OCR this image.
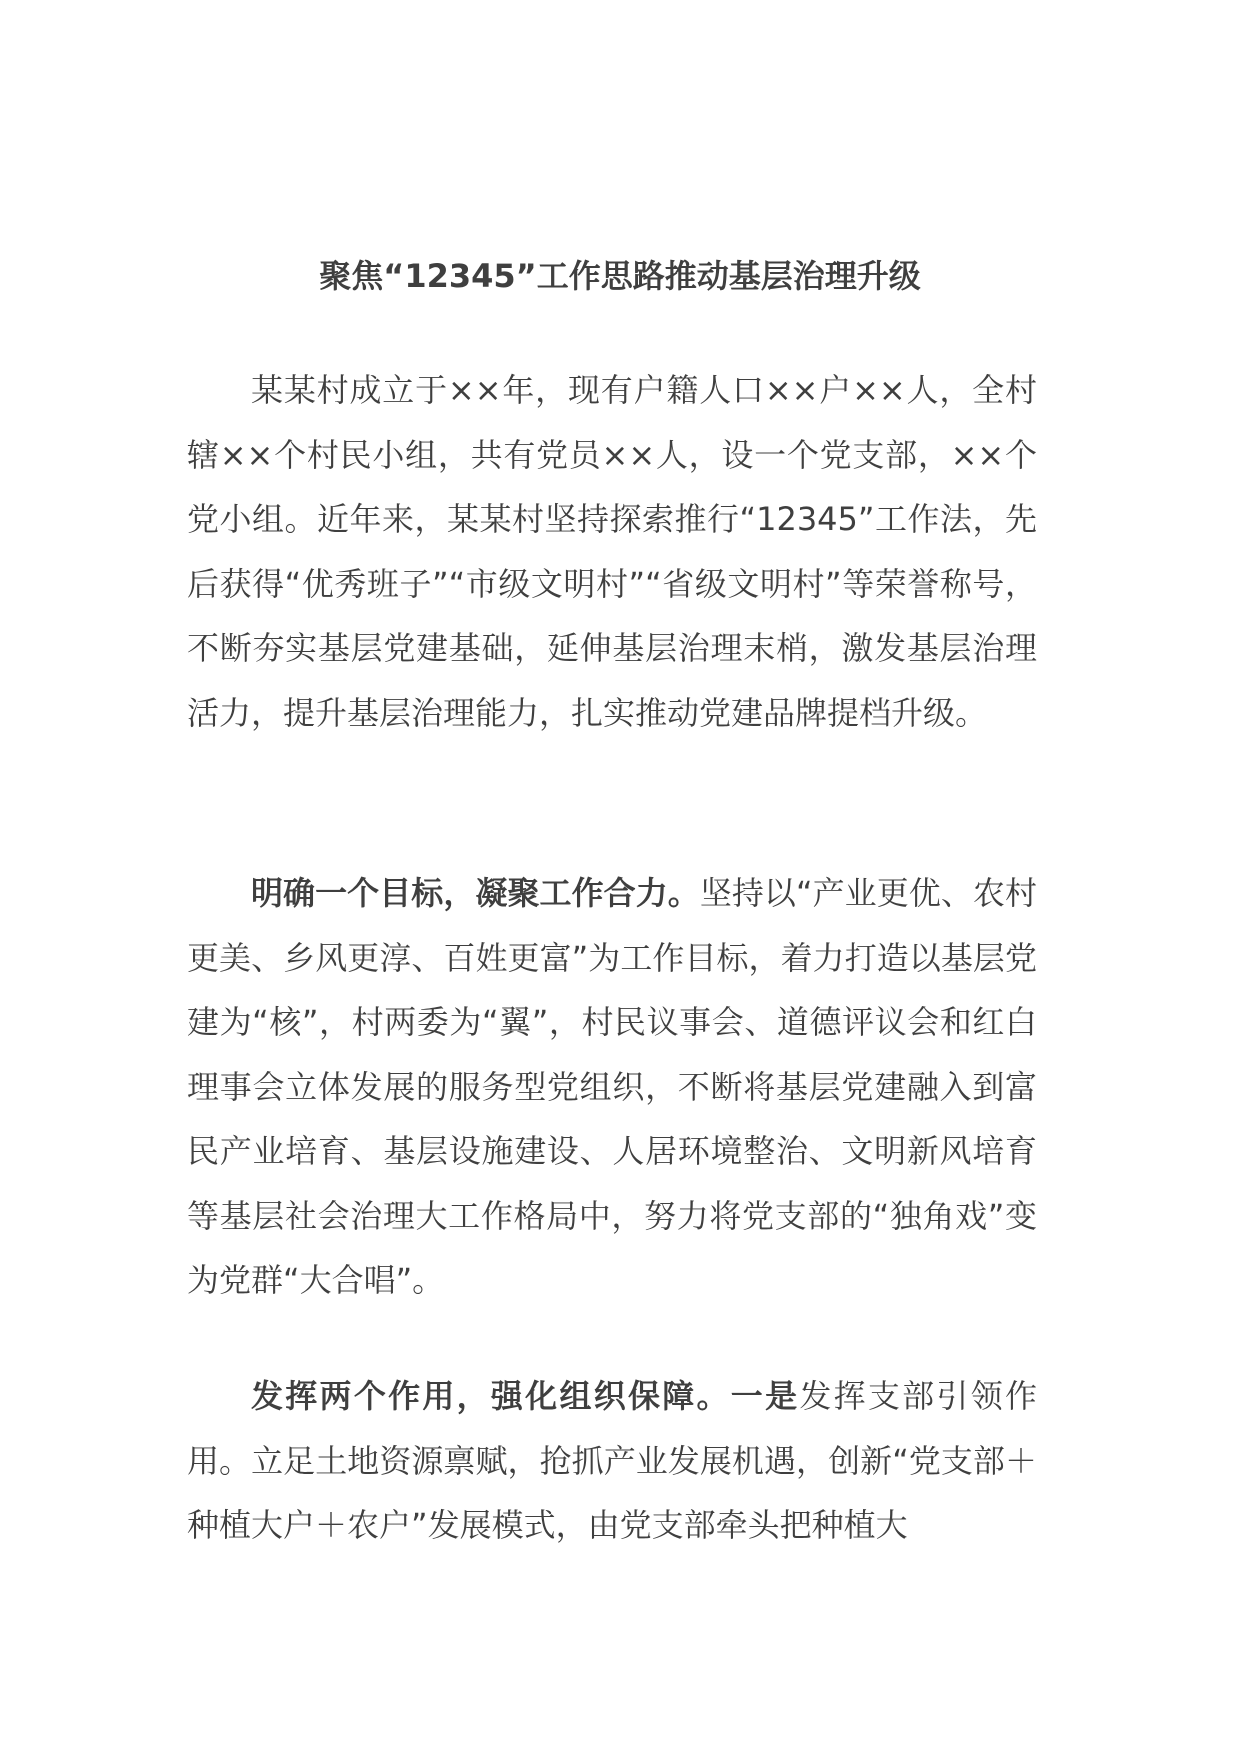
聚焦“12345”工作思路推动基层治理升级

某某村成立于××年，现有户籍人口××户××人，全村辖××个村民小组，共有党员××人，设一个党支部，××个党小组。近年来，某某村坚持探索推行“12345”工作法，先后获得“优秀班子”“市级文明村”“省级文明村”等荣誉称号，不断夯实基层党建基础，延伸基层治理末梢，激发基层治理活力，提升基层治理能力，扎实推动党建品牌提档升级。

明确一个目标，凝聚工作合力。坚持以“产业更优、农村更美、乡风更淳、百姓更富”为工作目标，着力打造以基层党建为“核”，村两委为“翼”，村民议事会、道德评议会和红白理事会立体发展的服务型党组织，不断将基层党建融入到富民产业培育、基层设施建设、人居环境整治、文明新风培育等基层社会治理大工作格局中，努力将党支部的“独角戏”变为党群“大合唱”。

发挥两个作用，强化组织保障。一是发挥支部引领作用。立足土地资源禀赋，抢抓产业发展机遇，创新“党支部＋种植大户＋农户”发展模式，由党支部牵头把种植大
